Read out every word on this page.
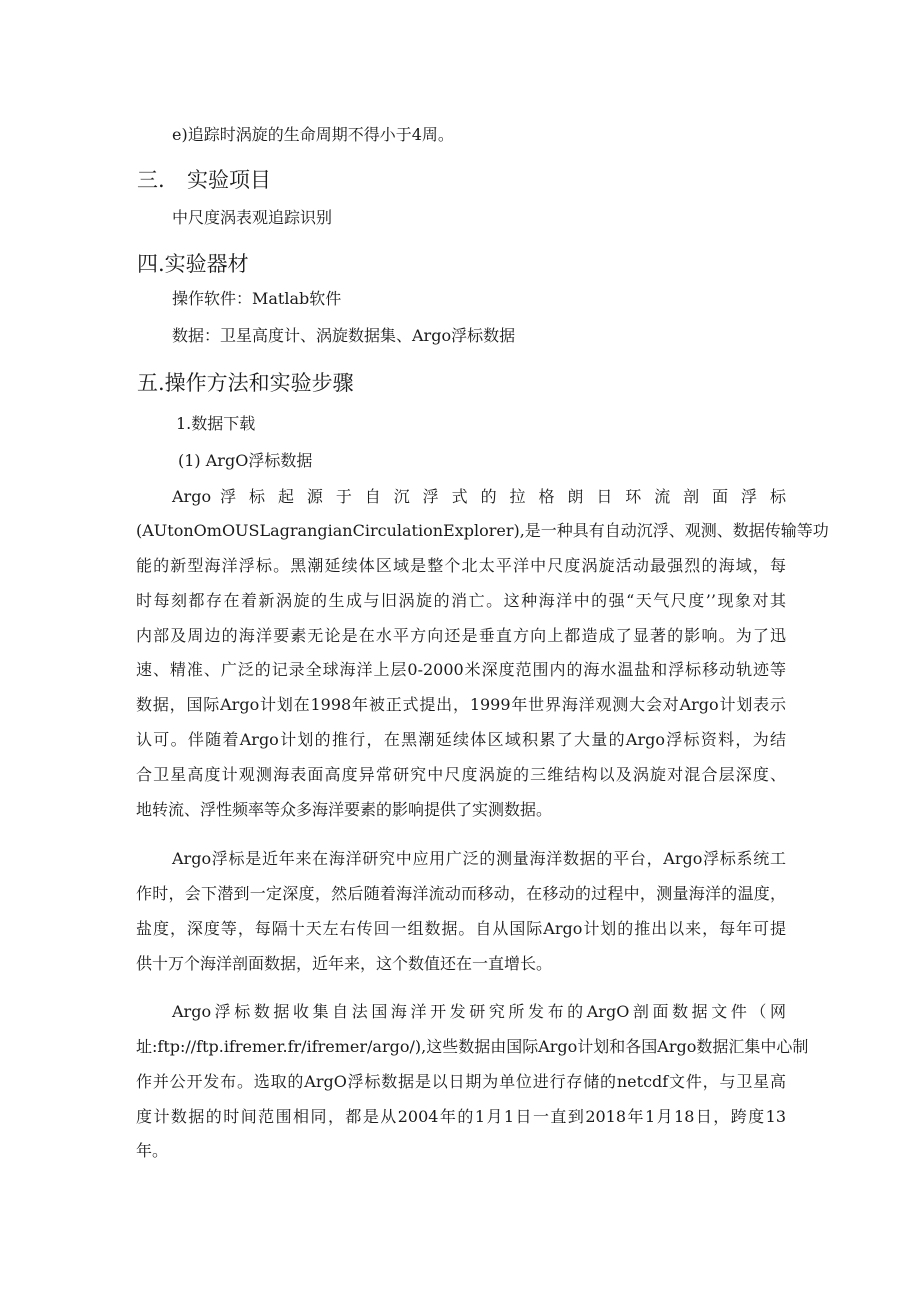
e)追踪时涡旋的生命周期不得小于4周。
三. 实验项目
中尺度涡表观追踪识别
四.实验器材
操作软件：Matlab软件
数据：卫星高度计、涡旋数据集、Argo浮标数据
五.操作方法和实验步骤
1.数据下载
(1) ArgO浮标数据
Argo 浮 标 起 源 于 自 沉 浮 式 的 拉 格 朗 日 环 流 剖 面 浮 标
(AUtonOmOUSLagrangianCirculationExplorer),是一种具有自动沉浮、观测、数据传输等功
能的新型海洋浮标。黑潮延续体区域是整个北太平洋中尺度涡旋活动最强烈的海域，每
时每刻都存在着新涡旋的生成与旧涡旋的消亡。这种海洋中的强“天气尺度’’现象对其
内部及周边的海洋要素无论是在水平方向还是垂直方向上都造成了显著的影响。为了迅
速、精准、广泛的记录全球海洋上层0-2000米深度范围内的海水温盐和浮标移动轨迹等
数据，国际Argo计划在1998年被正式提出，1999年世界海洋观测大会对Argo计划表示
认可。伴随着Argo计划的推行，在黑潮延续体区域积累了大量的Argo浮标资料，为结
合卫星高度计观测海表面高度异常研究中尺度涡旋的三维结构以及涡旋对混合层深度、
地转流、浮性频率等众多海洋要素的影响提供了实测数据。
Argo浮标是近年来在海洋研究中应用广泛的测量海洋数据的平台，Argo浮标系统工
作时，会下潜到一定深度，然后随着海洋流动而移动，在移动的过程中，测量海洋的温度，
盐度，深度等，每隔十天左右传回一组数据。自从国际Argo计划的推出以来，每年可提
供十万个海洋剖面数据，近年来，这个数值还在一直增长。
Argo浮标数据收集自法国海洋开发研究所发布的ArgO剖面数据文件（网
址:ftp://ftp.ifremer.fr/ifremer/argo/),这些数据由国际Argo计划和各国Argo数据汇集中心制
作并公开发布。选取的ArgO浮标数据是以日期为单位进行存储的netcdf文件，与卫星高
度计数据的时间范围相同，都是从2004年的1月1日一直到2018年1月18日，跨度13
年。
